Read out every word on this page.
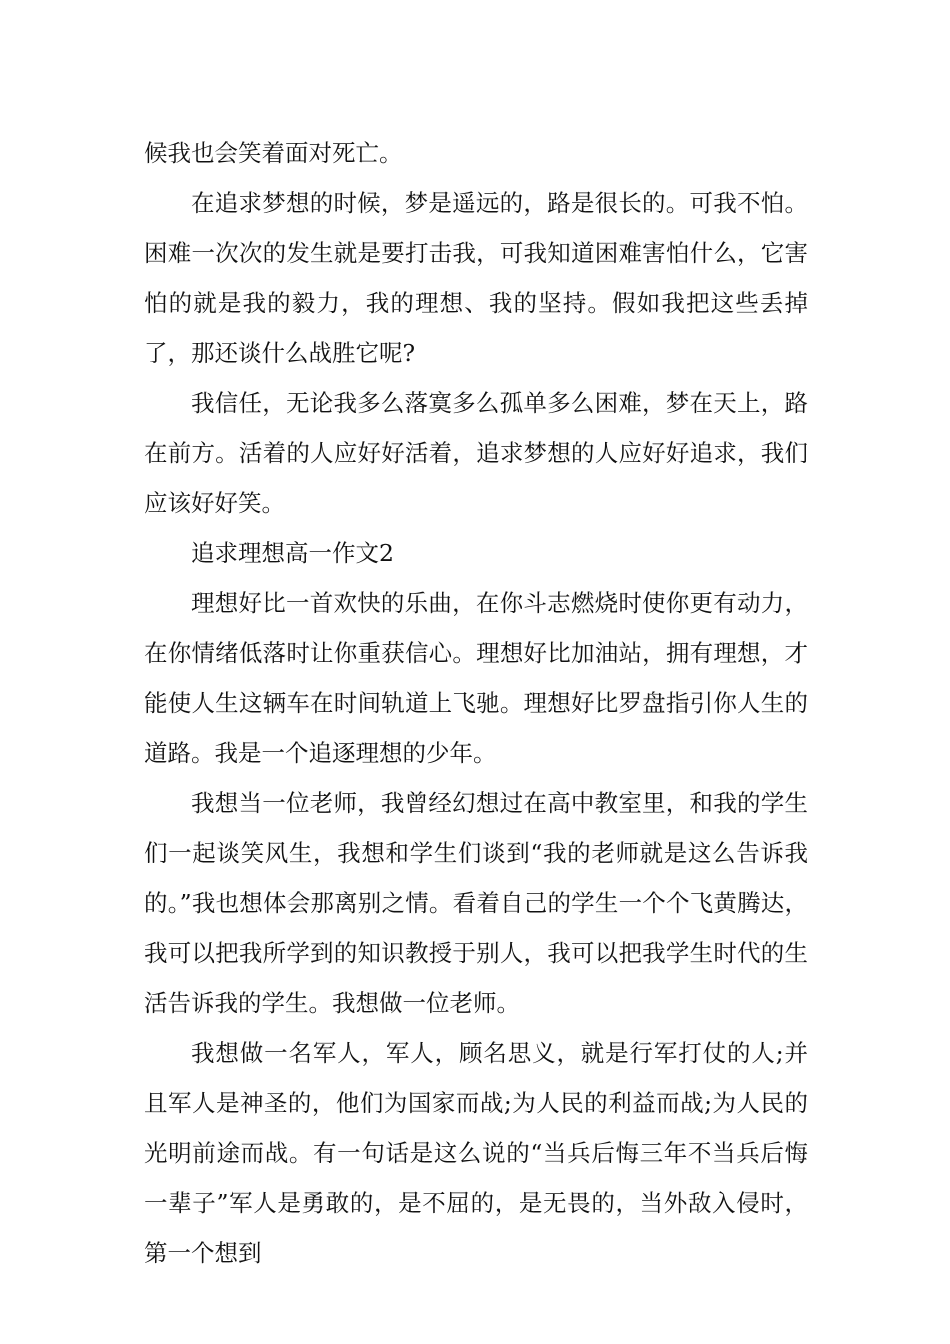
候我也会笑着面对死亡。

在追求梦想的时候，梦是遥远的，路是很长的。可我不怕。困难一次次的发生就是要打击我，可我知道困难害怕什么，它害怕的就是我的毅力，我的理想、我的坚持。假如我把这些丢掉了，那还谈什么战胜它呢?

我信任，无论我多么落寞多么孤单多么困难，梦在天上，路在前方。活着的人应好好活着，追求梦想的人应好好追求，我们应该好好笑。

追求理想高一作文2

理想好比一首欢快的乐曲，在你斗志燃烧时使你更有动力，在你情绪低落时让你重获信心。理想好比加油站，拥有理想，才能使人生这辆车在时间轨道上飞驰。理想好比罗盘指引你人生的道路。我是一个追逐理想的少年。

我想当一位老师，我曾经幻想过在高中教室里，和我的学生们一起谈笑风生，我想和学生们谈到“我的老师就是这么告诉我的。”我也想体会那离别之情。看着自己的学生一个个飞黄腾达，我可以把我所学到的知识教授于别人，我可以把我学生时代的生活告诉我的学生。我想做一位老师。

我想做一名军人，军人，顾名思义，就是行军打仗的人;并且军人是神圣的，他们为国家而战;为人民的利益而战;为人民的光明前途而战。有一句话是这么说的“当兵后悔三年不当兵后悔一辈子”军人是勇敢的，是不屈的，是无畏的，当外敌入侵时，第一个想到
